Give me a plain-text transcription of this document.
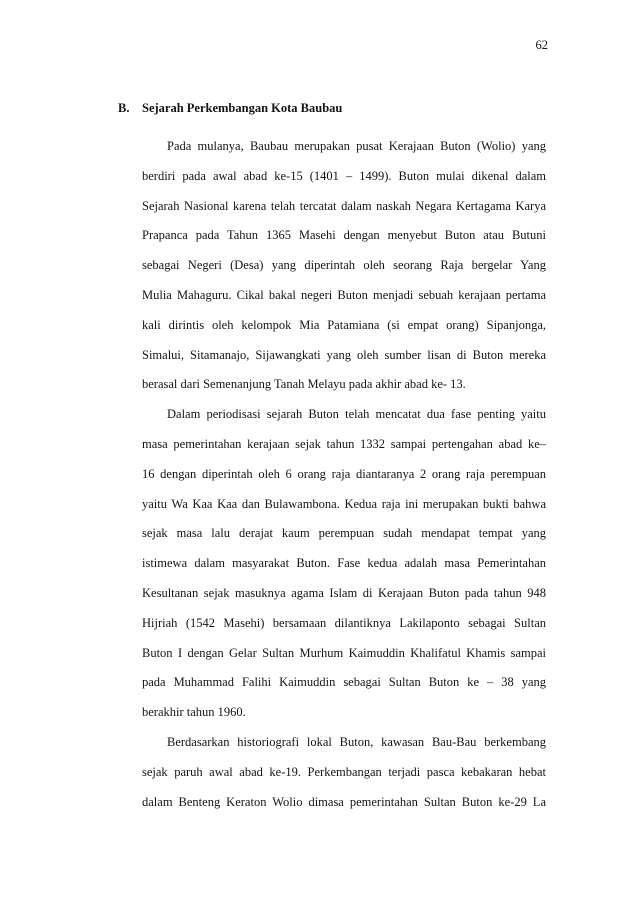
62
B. Sejarah Perkembangan Kota Baubau
Pada mulanya, Baubau merupakan pusat Kerajaan Buton (Wolio) yang
berdiri pada awal abad ke-15 (1401 – 1499). Buton mulai dikenal dalam
Sejarah Nasional karena telah tercatat dalam naskah Negara Kertagama Karya
Prapanca pada Tahun 1365 Masehi dengan menyebut Buton atau Butuni
sebagai Negeri (Desa) yang diperintah oleh seorang Raja bergelar Yang
Mulia Mahaguru. Cikal bakal negeri Buton menjadi sebuah kerajaan pertama
kali dirintis oleh kelompok Mia Patamiana (si empat orang) Sipanjonga,
Simalui, Sitamanajo, Sijawangkati yang oleh sumber lisan di Buton mereka
berasal dari Semenanjung Tanah Melayu pada akhir abad ke- 13.
Dalam periodisasi sejarah Buton telah mencatat dua fase penting yaitu
masa pemerintahan kerajaan sejak tahun 1332 sampai pertengahan abad ke–
16 dengan diperintah oleh 6 orang raja diantaranya 2 orang raja perempuan
yaitu Wa Kaa Kaa dan Bulawambona. Kedua raja ini merupakan bukti bahwa
sejak masa lalu derajat kaum perempuan sudah mendapat tempat yang
istimewa dalam masyarakat Buton. Fase kedua adalah masa Pemerintahan
Kesultanan sejak masuknya agama Islam di Kerajaan Buton pada tahun 948
Hijriah (1542 Masehi) bersamaan dilantiknya Lakilaponto sebagai Sultan
Buton I dengan Gelar Sultan Murhum Kaimuddin Khalifatul Khamis sampai
pada Muhammad Falihi Kaimuddin sebagai Sultan Buton ke – 38 yang
berakhir tahun 1960.
Berdasarkan historiografi lokal Buton, kawasan Bau-Bau berkembang
sejak paruh awal abad ke-19. Perkembangan terjadi pasca kebakaran hebat
dalam Benteng Keraton Wolio dimasa pemerintahan Sultan Buton ke-29 La
